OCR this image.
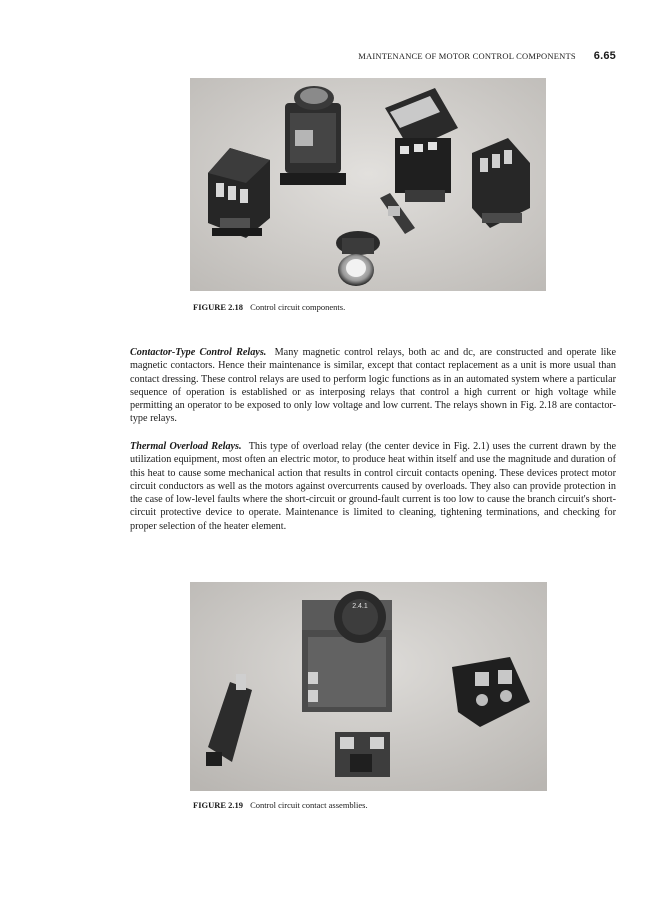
MAINTENANCE OF MOTOR CONTROL COMPONENTS 6.65
FIGURE 2.18 Control circuit components.

Contactor-Type Control Relays. Many magnetic control relays, both ac and dc, are constructed and operate like magnetic contactors. Hence their maintenance is similar, except that contact replacement as a unit is more usual than contact dressing. These control relays are used to perform logic functions as in an automated system where a particular sequence of operation is established or as interposing relays that control a high current or high voltage while permitting an operator to be exposed to only low voltage and low current. The relays shown in Fig. 2.18 are contactor-type relays.

Thermal Overload Relays. This type of overload relay (the center device in Fig. 2.1) uses the current drawn by the utilization equipment, most often an electric motor, to produce heat within itself and use the magnitude and duration of this heat to cause some mechanical action that results in control circuit contacts opening. These devices protect motor circuit conductors as well as the motors against overcurrents caused by overloads. They also can provide protection in the case of low-level faults where the short-circuit or ground-fault current is too low to cause the branch circuit's short-circuit protective device to operate. Maintenance is limited to cleaning, tightening terminations, and checking for proper selection of the heater element.

2.4.1
FIGURE 2.19 Control circuit contact assemblies.
